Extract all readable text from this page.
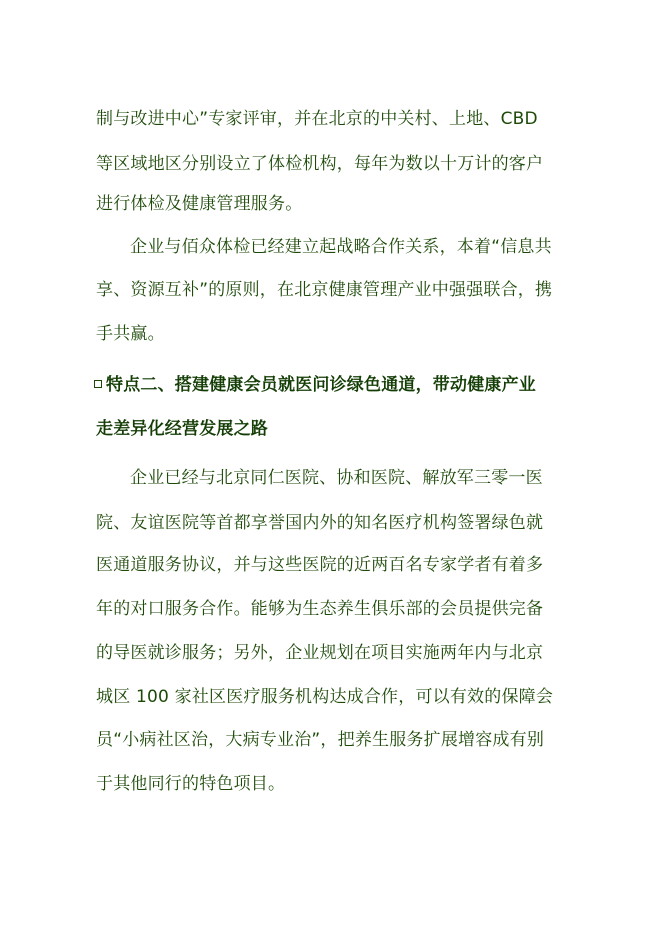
制与改进中心”专家评审，并在北京的中关村、上地、CBD
等区域地区分别设立了体检机构，每年为数以十万计的客户
进行体检及健康管理服务。
企业与佰众体检已经建立起战略合作关系，本着“信息共
享、资源互补”的原则，在北京健康管理产业中强强联合，携
手共赢。
特点二、搭建健康会员就医问诊绿色通道，带动健康产业
走差异化经营发展之路
企业已经与北京同仁医院、协和医院、解放军三零一医
院、友谊医院等首都享誉国内外的知名医疗机构签署绿色就
医通道服务协议，并与这些医院的近两百名专家学者有着多
年的对口服务合作。能够为生态养生俱乐部的会员提供完备
的导医就诊服务；另外，企业规划在项目实施两年内与北京
城区 100 家社区医疗服务机构达成合作，可以有效的保障会
员“小病社区治，大病专业治”，把养生服务扩展增容成有别
于其他同行的特色项目。
